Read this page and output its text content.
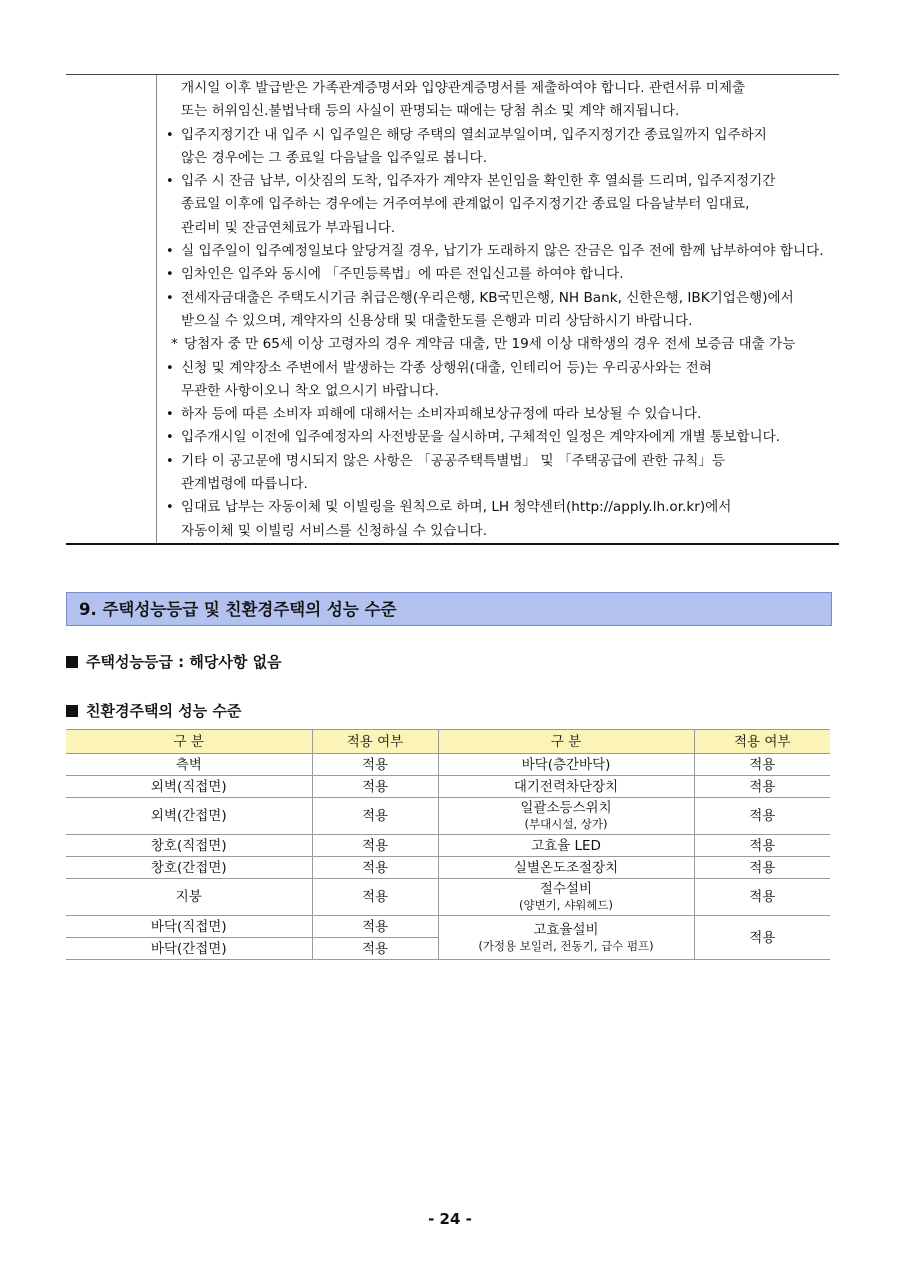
개시일 이후 발급받은 가족관계증명서와 입양관계증명서를 제출하여야 합니다. 관련서류 미제출
또는 허위임신.불법낙태 등의 사실이 판명되는 때에는 당첨 취소 및 계약 해지됩니다.
• 입주지정기간 내 입주 시 입주일은 해당 주택의 열쇠교부일이며, 입주지정기간 종료일까지 입주하지
않은 경우에는 그 종료일 다음날을 입주일로 봅니다.
• 입주 시 잔금 납부, 이삿짐의 도착, 입주자가 계약자 본인임을 확인한 후 열쇠를 드리며, 입주지정기간
종료일 이후에 입주하는 경우에는 거주여부에 관계없이 입주지정기간 종료일 다음날부터 임대료,
관리비 및 잔금연체료가 부과됩니다.
• 실 입주일이 입주예정일보다 앞당겨질 경우, 납기가 도래하지 않은 잔금은 입주 전에 함께 납부하여야 합니다.
• 임차인은 입주와 동시에 「주민등록법」에 따른 전입신고를 하여야 합니다.
• 전세자금대출은 주택도시기금 취급은행(우리은행, KB국민은행, NH Bank, 신한은행, IBK기업은행)에서
받으실 수 있으며, 계약자의 신용상태 및 대출한도를 은행과 미리 상담하시기 바랍니다.
* 당첨자 중 만 65세 이상 고령자의 경우 계약금 대출, 만 19세 이상 대학생의 경우 전세 보증금 대출 가능
• 신청 및 계약장소 주변에서 발생하는 각종 상행위(대출, 인테리어 등)는 우리공사와는 전혀
무관한 사항이오니 착오 없으시기 바랍니다.
• 하자 등에 따른 소비자 피해에 대해서는 소비자피해보상규정에 따라 보상될 수 있습니다.
• 입주개시일 이전에 입주예정자의 사전방문을 실시하며, 구체적인 일정은 계약자에게 개별 통보합니다.
• 기타 이 공고문에 명시되지 않은 사항은 「공공주택특별법」 및 「주택공급에 관한 규칙」등
관계법령에 따릅니다.
• 임대료 납부는 자동이체 및 이빌링을 원칙으로 하며, LH 청약센터(http://apply.lh.or.kr)에서
자동이체 및 이빌링 서비스를 신청하실 수 있습니다.
9. 주택성능등급 및 친환경주택의 성능 수준
주택성능등급 : 해당사항 없음
친환경주택의 성능 수준
구 분	적용 여부	구 분	적용 여부
측벽	적용	바닥(층간바닥)	적용
외벽(직접면)	적용	대기전력차단장치	적용
외벽(간접면)	적용	일괄소등스위치
(부대시설, 상가)	적용
창호(직접면)	적용	고효율 LED	적용
창호(간접면)	적용	실별온도조절장치	적용
지붕	적용	절수설비
(양변기, 샤워헤드)	적용
바닥(직접면)	적용	고효율설비
(가정용 보일러, 전동기, 급수 펌프)	적용
바닥(간접면)	적용		
- 24 -
